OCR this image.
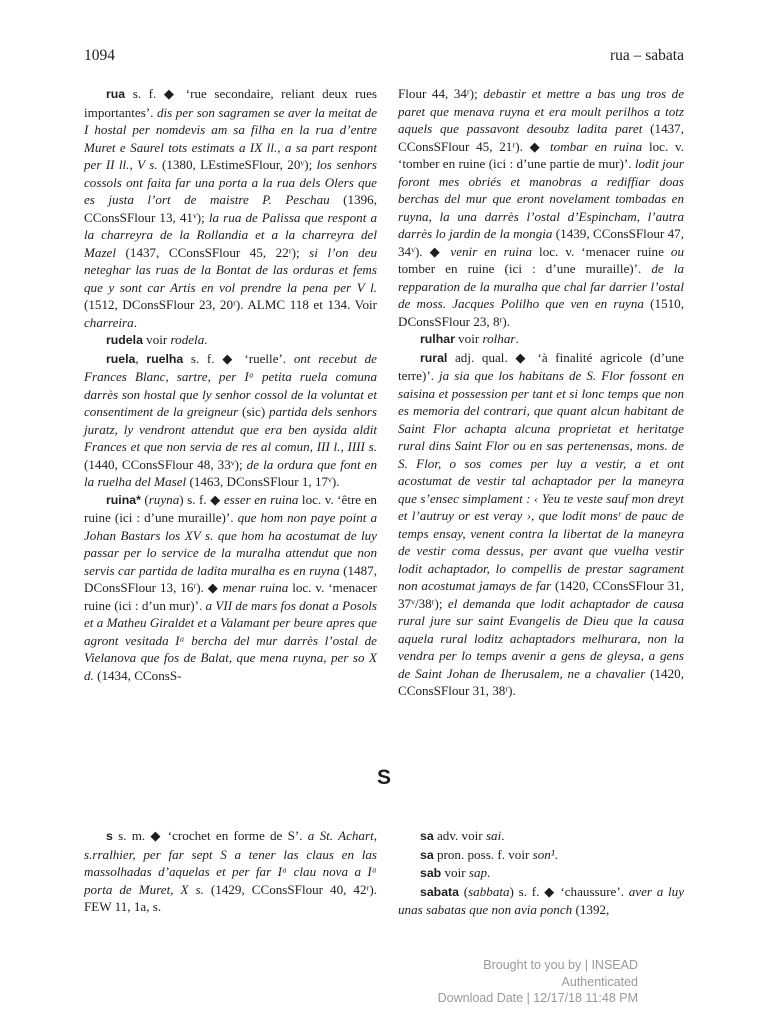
1094	rua – sabata

rua s. f. ◆ ‘rue secondaire, reliant deux rues importantes’. dis per son sagramen se aver la meitat de I hostal per nomdevis am sa filha en la rua d’entre Muret e Saurel tots estimats a IX ll., a sa part respont per II ll., V s. (1380, LEstimeSFlour, 20ᵛ); los senhors cossols ont faita far una porta a la rua dels Olers que es justa l’ort de maistre P. Peschau (1396, CConsSFlour 13, 41ᵛ); la rua de Palissa que respont a la charreyra de la Rollandia et a la charreyra del Mazel (1437, CConsSFlour 45, 22ʳ); si l’on deu neteghar las ruas de la Bontat de las orduras et fems que y sont car Artis en vol prendre la pena per V l. (1512, DConsSFlour 23, 20ʳ). ALMC 118 et 134. Voir charreira.

rudela voir rodela.

ruela, ruelha s. f. ◆ ‘ruelle’. ont recebut de Frances Blanc, sartre, per Iᵃ petita ruela comuna darrès son hostal que ly senhor cossol de la voluntat et consentiment de la greigneur (sic) partida dels senhors juratz, ly vendront attendut que era ben aysida aldit Frances et que non servia de res al comun, III l., IIII s. (1440, CConsSFlour 48, 33ᵛ); de la ordura que font en la ruelha del Masel (1463, DConsSFlour 1, 17ᵛ).

ruina* (ruyna) s. f. ◆ esser en ruina loc. v. ‘être en ruine (ici : d’une muraille)’. que hom non paye point a Johan Bastars los XV s. que hom ha acostumat de luy passar per lo service de la muralha attendut que non servis car partida de ladita muralha es en ruyna (1487, DConsSFlour 13, 16ʳ). ◆ menar ruina loc. v. ‘menacer ruine (ici : d’un mur)’. a VII de mars fos donat a Posols et a Matheu Giraldet et a Valamant per beure apres que agront vesitada Iᵃ bercha del mur darrès l’ostal de Vielanova que fos de Balat, que mena ruyna, per so X d. (1434, CConsS-

Flour 44, 34ʳ); debastir et mettre a bas ung tros de paret que menava ruyna et era moult perilhos a totz aquels que passavont desoubz ladita paret (1437, CConsSFlour 45, 21ʳ). ◆ tombar en ruina loc. v. ‘tomber en ruine (ici : d’une partie de mur)’. lodit jour foront mes obriés et manobras a rediffiar doas berchas del mur que eront novelament tombadas en ruyna, la una darrès l’ostal d’Espincham, l’autra darrès lo jardin de la mongia (1439, CConsSFlour 47, 34ᵛ). ◆ venir en ruina loc. v. ‘menacer ruine ou tomber en ruine (ici : d’une muraille)’. de la repparation de la muralha que chal far darrier l’ostal de moss. Jacques Polilho que ven en ruyna (1510, DConsSFlour 23, 8ʳ).

rulhar voir rolhar.

rural adj. qual. ◆ ‘à finalité agricole (d’une terre)’. ja sia que los habitans de S. Flor fossont en saisina et possession per tant et si lonc temps que non es memoria del contrari, que quant alcun habitant de Saint Flor achapta alcuna proprietat et heritatge rural dins Saint Flor ou en sas pertenensas, mons. de S. Flor, o sos comes per luy a vestir, a et ont acostumat de vestir tal achaptador per la maneyra que s’ensec simplament : ‹ Yeu te veste sauf mon dreyt et l’autruy or est veray ›, que lodit monsʳ de pauc de temps ensay, venent contra la libertat de la maneyra de vestir coma dessus, per avant que vuelha vestir lodit achaptador, lo compellis de prestar sagrament non acostumat jamays de far (1420, CConsSFlour 31, 37ᵛ/38ʳ); el demanda que lodit achaptador de causa rural jure sur saint Evangelis de Dieu que la causa aquela rural loditz achaptadors melhurara, non la vendra per lo temps avenir a gens de gleysa, a gens de Saint Johan de Iherusalem, ne a chavalier (1420, CConsSFlour 31, 38ʳ).

S

s s. m. ◆ ‘crochet en forme de S’. a St. Achart, s.rralhier, per far sept S a tener las claus en las massolhadas d’aquelas et per far Iᵃ clau nova a Iᵃ porta de Muret, X s. (1429, CConsSFlour 40, 42ʳ). FEW 11, 1a, s.

sa adv. voir sai.

sa pron. poss. f. voir son¹.

sab voir sap.

sabata (sabbata) s. f. ◆ ‘chaussure’. aver a luy unas sabatas que non avia ponch (1392,

Brought to you by | INSEAD
Authenticated
Download Date | 12/17/18 11:48 PM
